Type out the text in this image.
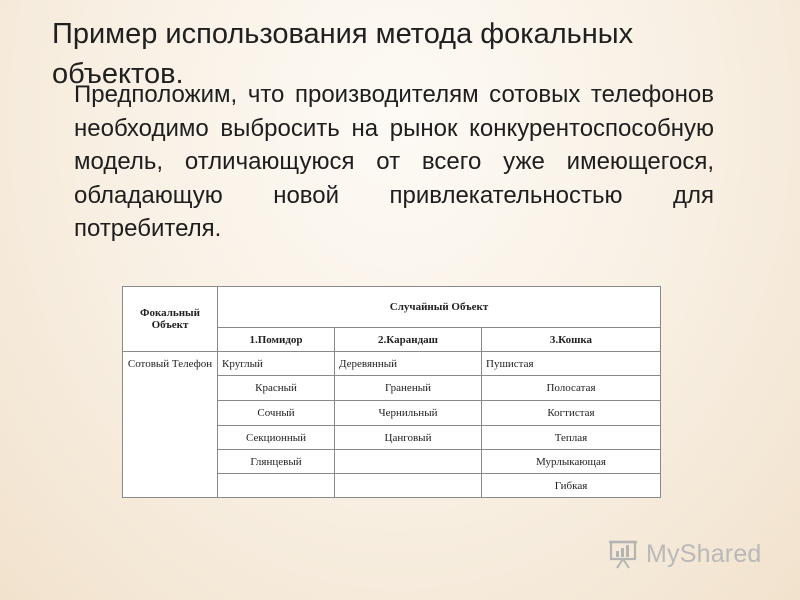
Пример использования метода фокальных объектов.
Предположим, что производителям сотовых телефонов
необходимо выбросить на рынок конкурентоспособную
модель, отличающуюся от всего уже имеющегося,
обладающую новой привлекательностью для
потребителя.
Фокальный Объект	Случайный Объект		
	1.Помидор	2.Карандаш	3.Кошка
Сотовый Телефон	Круглый	Деревянный	Пушистая
	Красный	Граненый	Полосатая
	Сочный	Чернильный	Когтистая
	Секционный	Цанговый	Теплая
	Глянцевый		Мурлыкающая
			Гибкая
MyShared
